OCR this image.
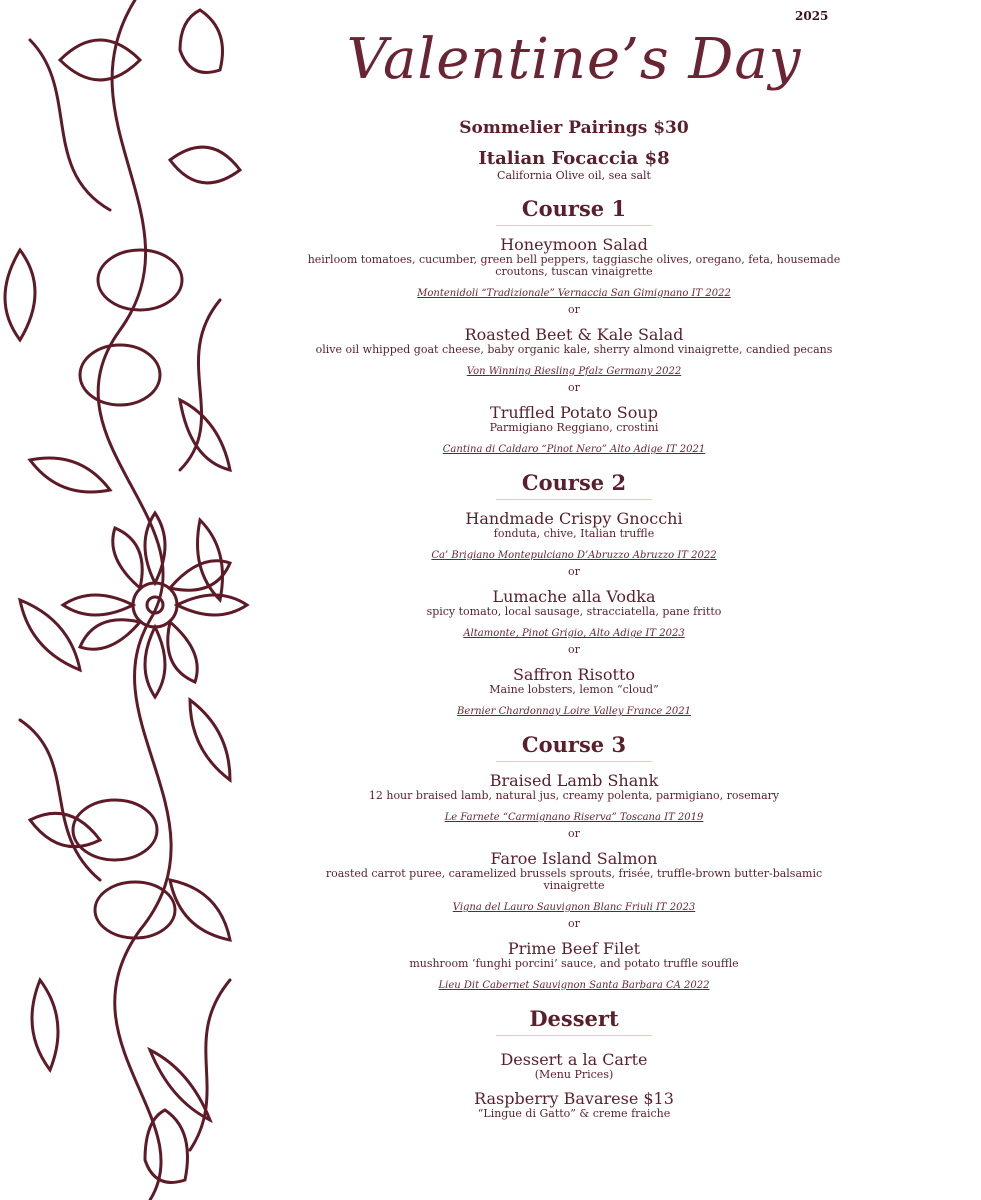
2025
Valentine’s Day
Sommelier Pairings $30
Italian Focaccia $8
California Olive oil, sea salt
Course 1
Honeymoon Salad
heirloom tomatoes, cucumber, green bell peppers, taggiasche olives, oregano, feta, housemade croutons, tuscan vinaigrette
Montenidoli “Tradizionale” Vernaccia San Gimignano IT 2022
or
Roasted Beet & Kale Salad
olive oil whipped goat cheese, baby organic kale, sherry almond vinaigrette, candied pecans
Von Winning Riesling Pfalz Germany 2022
or
Truffled Potato Soup
Parmigiano Reggiano, crostini
Cantina di Caldaro “Pinot Nero” Alto Adige IT 2021
Course 2
Handmade Crispy Gnocchi
fonduta, chive, Italian truffle
Ca’ Brigiano Montepulciano D’Abruzzo Abruzzo IT 2022
or
Lumache alla Vodka
spicy tomato, local sausage, stracciatella, pane fritto
Altamonte, Pinot Grigio, Alto Adige IT 2023
or
Saffron Risotto
Maine lobsters, lemon “cloud”
Bernier Chardonnay Loire Valley France 2021
Course 3
Braised Lamb Shank
12 hour braised lamb, natural jus, creamy polenta, parmigiano, rosemary
Le Farnete “Carmignano Riserva” Toscana IT 2019
or
Faroe Island Salmon
roasted carrot puree, caramelized brussels sprouts, frisée, truffle-brown butter-balsamic vinaigrette
Vigna del Lauro Sauvignon Blanc Friuli IT 2023
or
Prime Beef Filet
mushroom ‘funghi porcini’ sauce, and potato truffle souffle
Lieu Dit Cabernet Sauvignon Santa Barbara CA 2022
Dessert
Dessert a la Carte
(Menu Prices)
Raspberry Bavarese $13
“Lingue di Gatto” & creme fraiche
